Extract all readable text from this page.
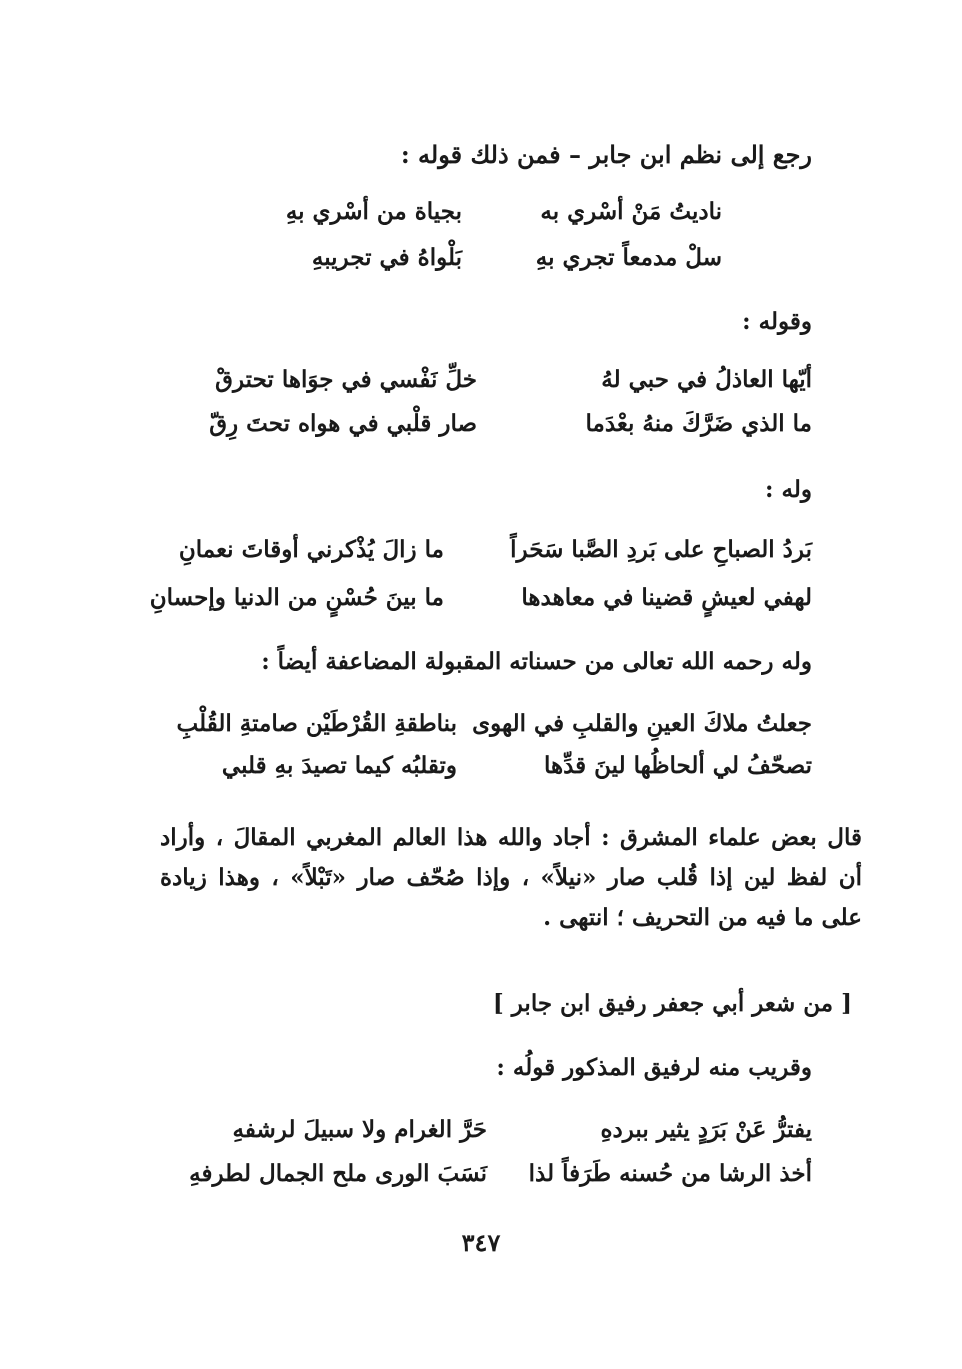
رجع إلى نظم ابن جابر – فمن ذلك قوله :
ناديتُ مَنْ أسْري به
بجياة من أسْري بهِ
سلْ مدمعاً تجري بهِ
بَلْواهُ في تجريبهِ
وقوله :
أيّها العاذلُ في حبي لهُ
خلِّ نَفْسي في جوَاها تحترقْ
ما الذي ضَرَّكَ منهُ بعْدَما
صار قلْبي في هواه تحتَ رِقّ
وله :
بَردُ الصباحِ على بَردِ الصَّبا سَحَراً
ما زالَ يُذْكرني أوقاتَ نعمانِ
لهفي لعيشٍ قضينا في معاهدها
ما بينَ حُسْنٍ من الدنيا وإحسانِ
وله رحمه الله تعالى من حسناته المقبولة المضاعفة أيضاً :
جعلتُ ملاكَ العينِ والقلبِ في الهوى
بناطقةِ القُرْطَيْن صامتةِ القُلْبِ
تصحّفُ لي ألحاظُها لينَ قدِّها
وتقلبُه كيما تصيدَ بهِ قلبي
قال بعض علماء المشرق : أجاد والله هذا العالم المغربي المقالَ ، وأراد أن لفظ لين إذا قُلب صار «نيلاً» ، وإذا صُحّف صار «تَبْلاً» ، وهذا زيادة على ما فيه من التحريف ؛ انتهى .
[ من شعر أبي جعفر رفيق ابن جابر ]
وقريب منه لرفيق المذكور قولُه :
يفترُّ عَنْ بَرَدٍ يثير ببردهِ
حَرَّ الغرام ولا سبيلَ لرشفهِ
أخذ الرشا من حُسنه طَرَفاً لذا
نَسَبَ الورى ملح الجمال لطرفهِ
٣٤٧
